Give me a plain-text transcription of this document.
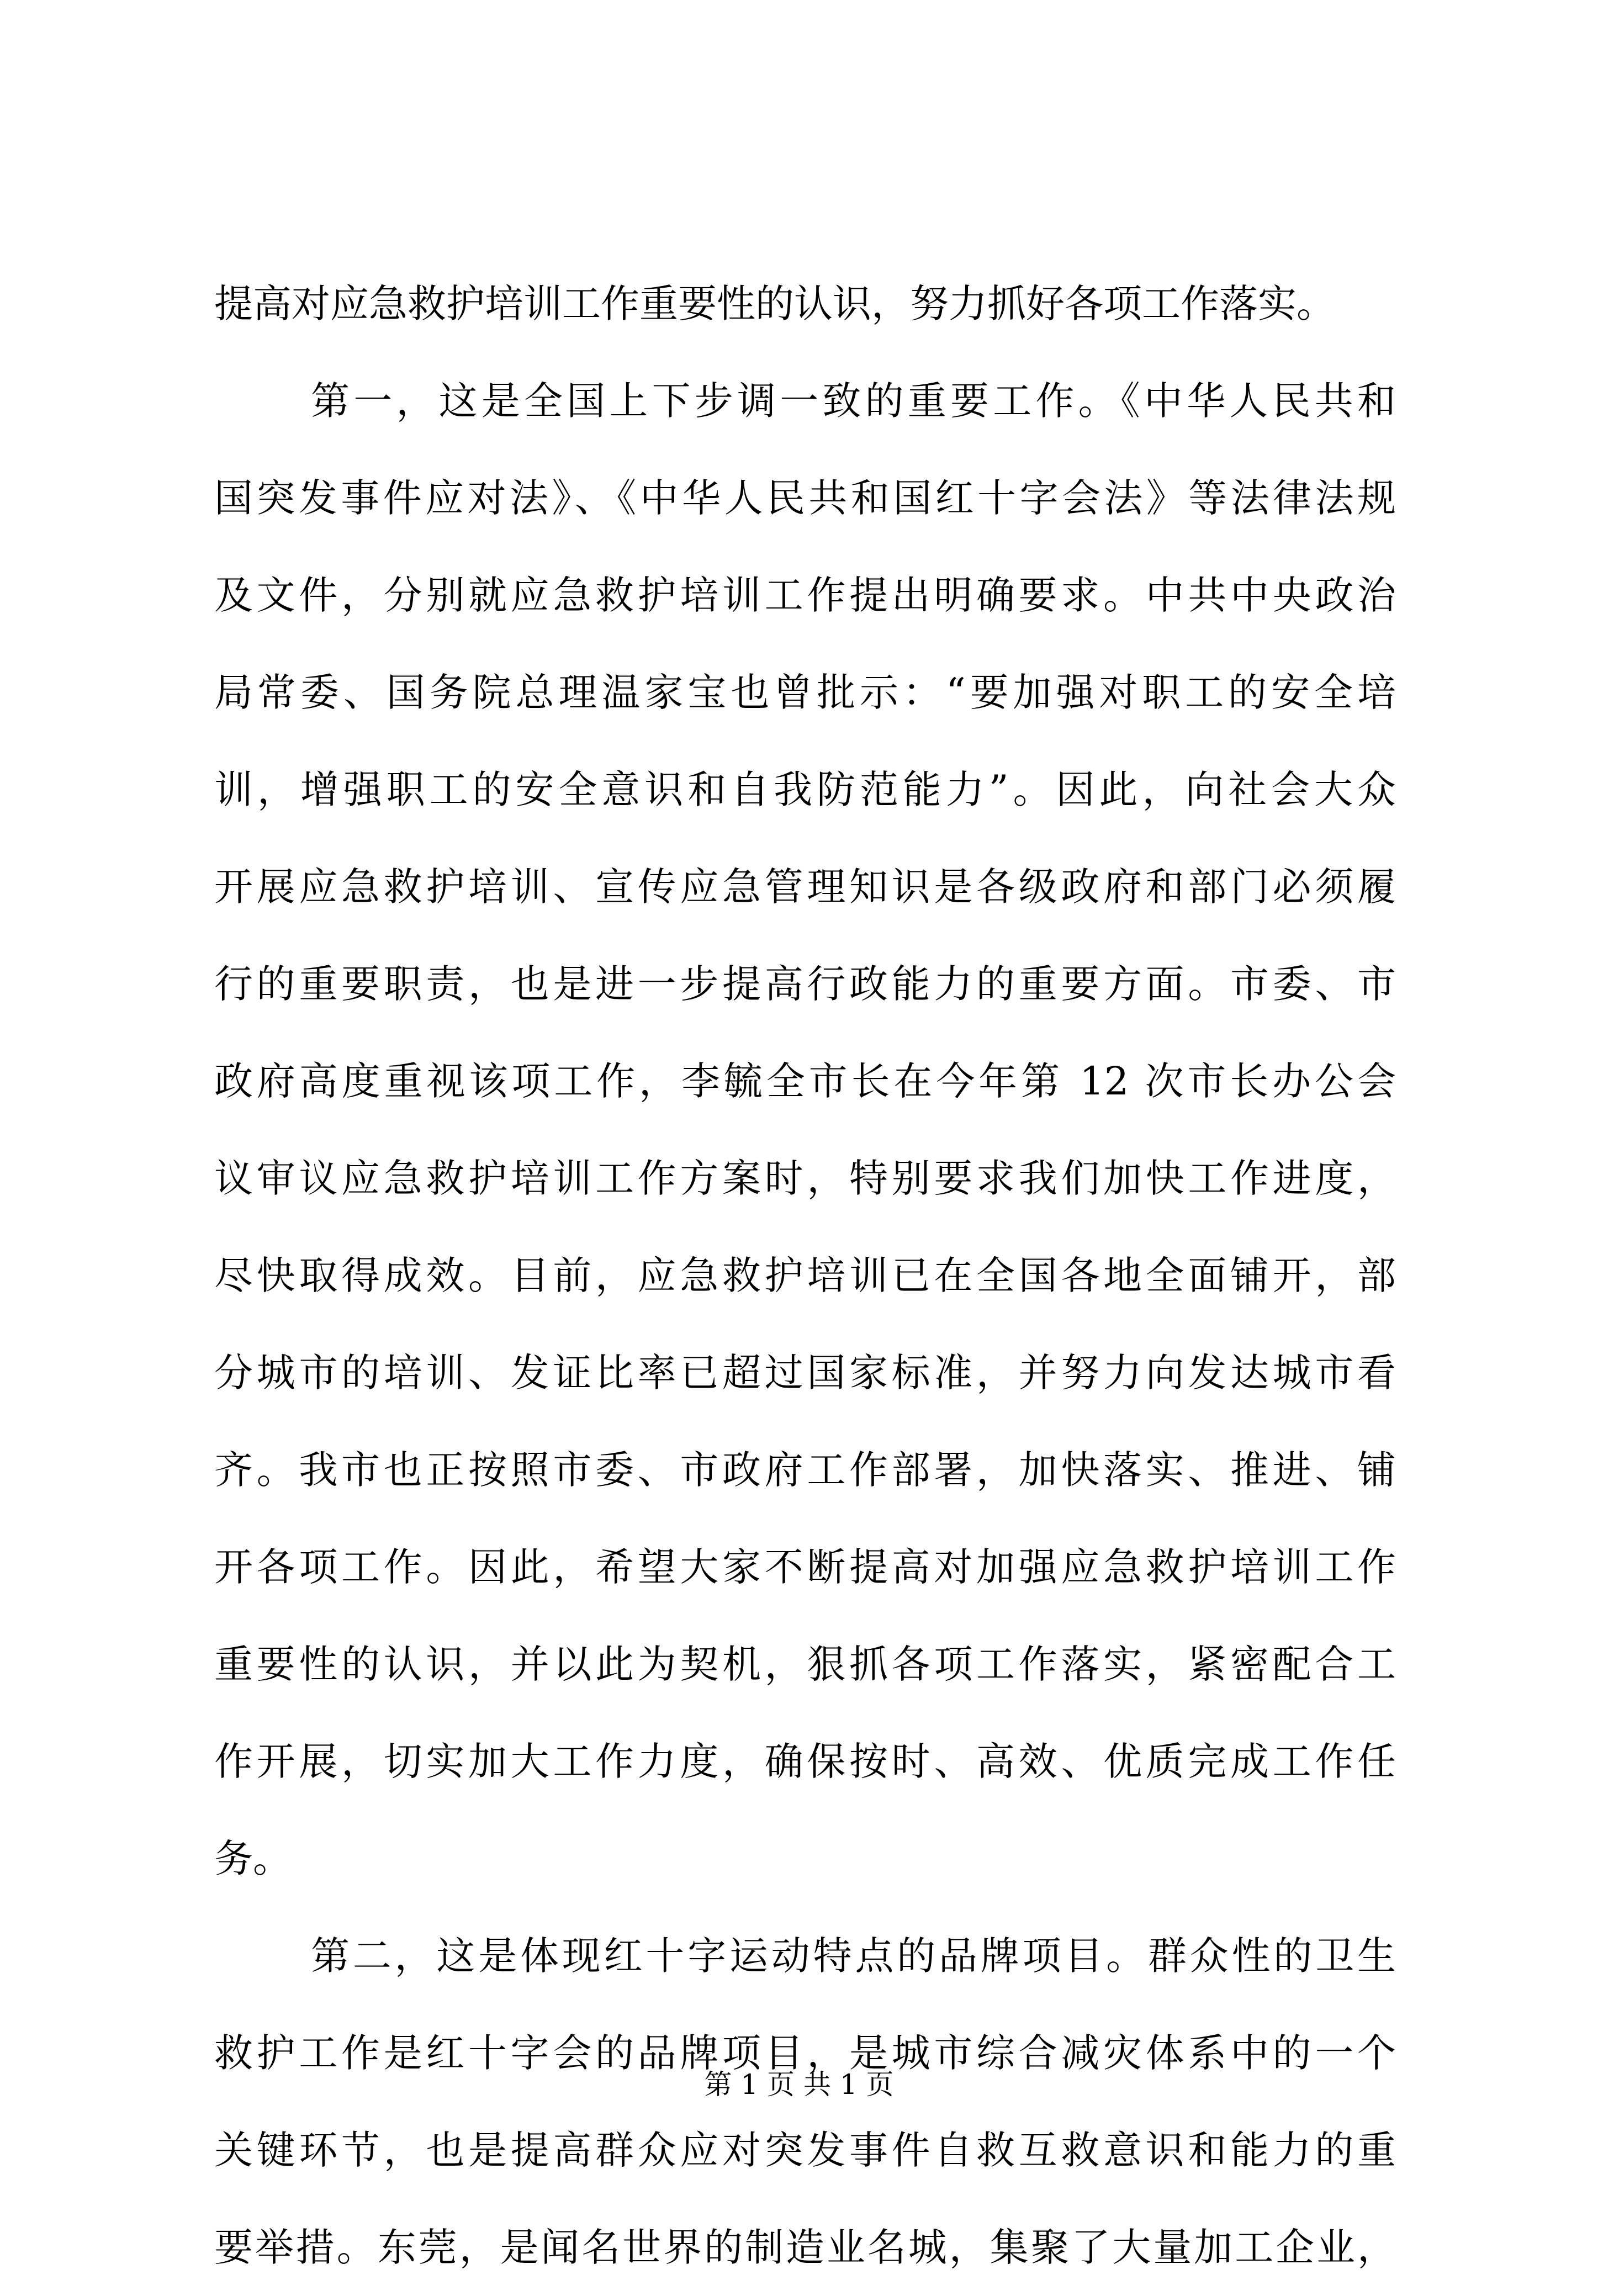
提高对应急救护培训工作重要性的认识，努力抓好各项工作落实。
第一，这是全国上下步调一致的重要工作。《中华人民共和
国突发事件应对法》、《中华人民共和国红十字会法》等法律法规
及文件，分别就应急救护培训工作提出明确要求。中共中央政治
局常委、国务院总理温家宝也曾批示：“要加强对职工的安全培
训，增强职工的安全意识和自我防范能力”。因此，向社会大众
开展应急救护培训、宣传应急管理知识是各级政府和部门必须履
行的重要职责，也是进一步提高行政能力的重要方面。市委、市
政府高度重视该项工作，李毓全市长在今年第 12 次市长办公会
议审议应急救护培训工作方案时，特别要求我们加快工作进度，
尽快取得成效。目前，应急救护培训已在全国各地全面铺开，部
分城市的培训、发证比率已超过国家标准，并努力向发达城市看
齐。我市也正按照市委、市政府工作部署，加快落实、推进、铺
开各项工作。因此，希望大家不断提高对加强应急救护培训工作
重要性的认识，并以此为契机，狠抓各项工作落实，紧密配合工
作开展，切实加大工作力度，确保按时、高效、优质完成工作任
务。
第二，这是体现红十字运动特点的品牌项目。群众性的卫生
救护工作是红十字会的品牌项目，是城市综合减灾体系中的一个
关键环节，也是提高群众应对突发事件自救互救意识和能力的重
要举措。东莞，是闻名世界的制造业名城，集聚了大量加工企业，
第 1 页 共 1 页
